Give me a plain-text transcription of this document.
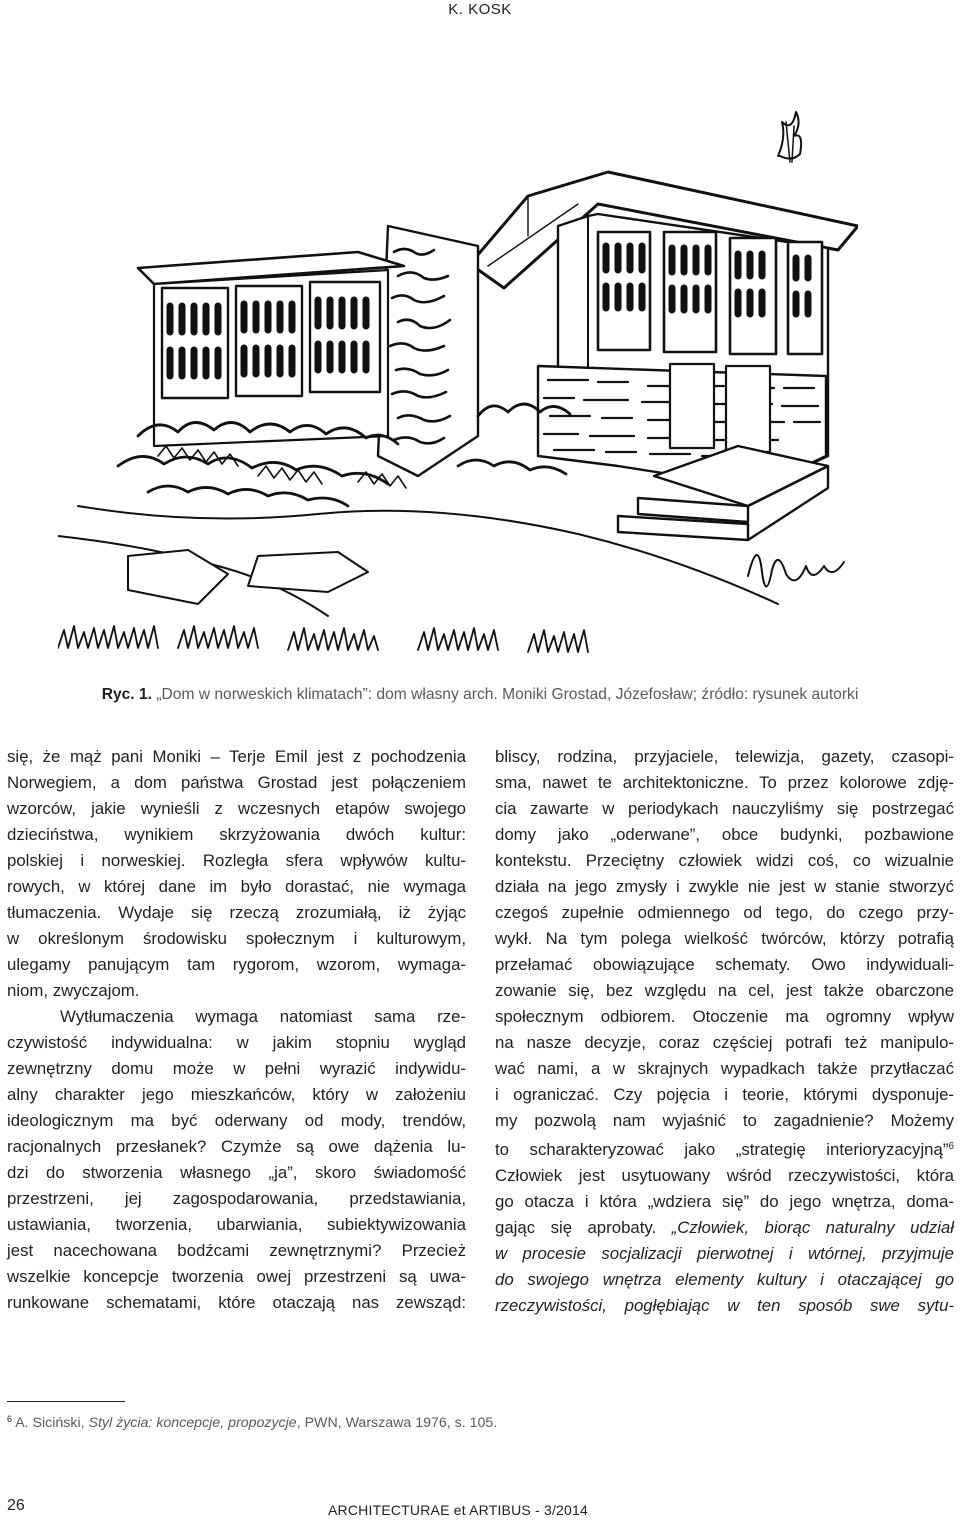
K. KOSK
Ryc. 1. „Dom w norweskich klimatach”: dom własny arch. Moniki Grostad, Józefosław; źródło: rysunek autorki

się, że mąż pani Moniki – Terje Emil jest z pochodzenia
Norwegiem, a dom państwa Grostad jest połączeniem
wzorców, jakie wynieśli z wczesnych etapów swojego
dzieciństwa, wynikiem skrzyżowania dwóch kultur:
polskiej i norweskiej. Rozległa sfera wpływów kultu-
rowych, w której dane im było dorastać, nie wymaga
tłumaczenia. Wydaje się rzeczą zrozumiałą, iż żyjąc
w określonym środowisku społecznym i kulturowym,
ulegamy panującym tam rygorom, wzorom, wymaga-
niom, zwyczajom.

Wytłumaczenia wymaga natomiast sama rze-
czywistość indywidualna: w jakim stopniu wygląd
zewnętrzny domu może w pełni wyrazić indywidu-
alny charakter jego mieszkańców, który w założeniu
ideologicznym ma być oderwany od mody, trendów,
racjonalnych przesłanek? Czymże są owe dążenia lu-
dzi do stworzenia własnego „ja”, skoro świadomość
przestrzeni, jej zagospodarowania, przedstawiania,
ustawiania, tworzenia, ubarwiania, subiektywizowania
jest nacechowana bodźcami zewnętrznymi? Przecież
wszelkie koncepcje tworzenia owej przestrzeni są uwa-
runkowane schematami, które otaczają nas zewsząd:

bliscy, rodzina, przyjaciele, telewizja, gazety, czasopi-
sma, nawet te architektoniczne. To przez kolorowe zdję-
cia zawarte w periodykach nauczyliśmy się postrzegać
domy jako „oderwane”, obce budynki, pozbawione
kontekstu. Przeciętny człowiek widzi coś, co wizualnie
działa na jego zmysły i zwykle nie jest w stanie stworzyć
czegoś zupełnie odmiennego od tego, do czego przy-
wykł. Na tym polega wielkość twórców, którzy potrafią
przełamać obowiązujące schematy. Owo indywiduali-
zowanie się, bez względu na cel, jest także obarczone
społecznym odbiorem. Otoczenie ma ogromny wpływ
na nasze decyzje, coraz częściej potrafi też manipulo-
wać nami, a w skrajnych wypadkach także przytłaczać
i ograniczać. Czy pojęcia i teorie, którymi dysponuje-
my pozwolą nam wyjaśnić to zagadnienie? Możemy
to scharakteryzować jako „strategię interioryzacyjną”$^6$
Człowiek jest usytuowany wśród rzeczywistości, która
go otacza i która „wdziera się” do jego wnętrza, doma-
gając się aprobaty. „Człowiek, biorąc naturalny udział
w procesie socjalizacji pierwotnej i wtórnej, przyjmuje
do swojego wnętrza elementy kultury i otaczającej go
rzeczywistości, pogłębiając w ten sposób swe sytu-

$^6$ A. Siciński, Styl życia: koncepcje, propozycje, PWN, Warszawa 1976, s. 105.
26	ARCHITECTURAE et ARTIBUS - 3/2014
